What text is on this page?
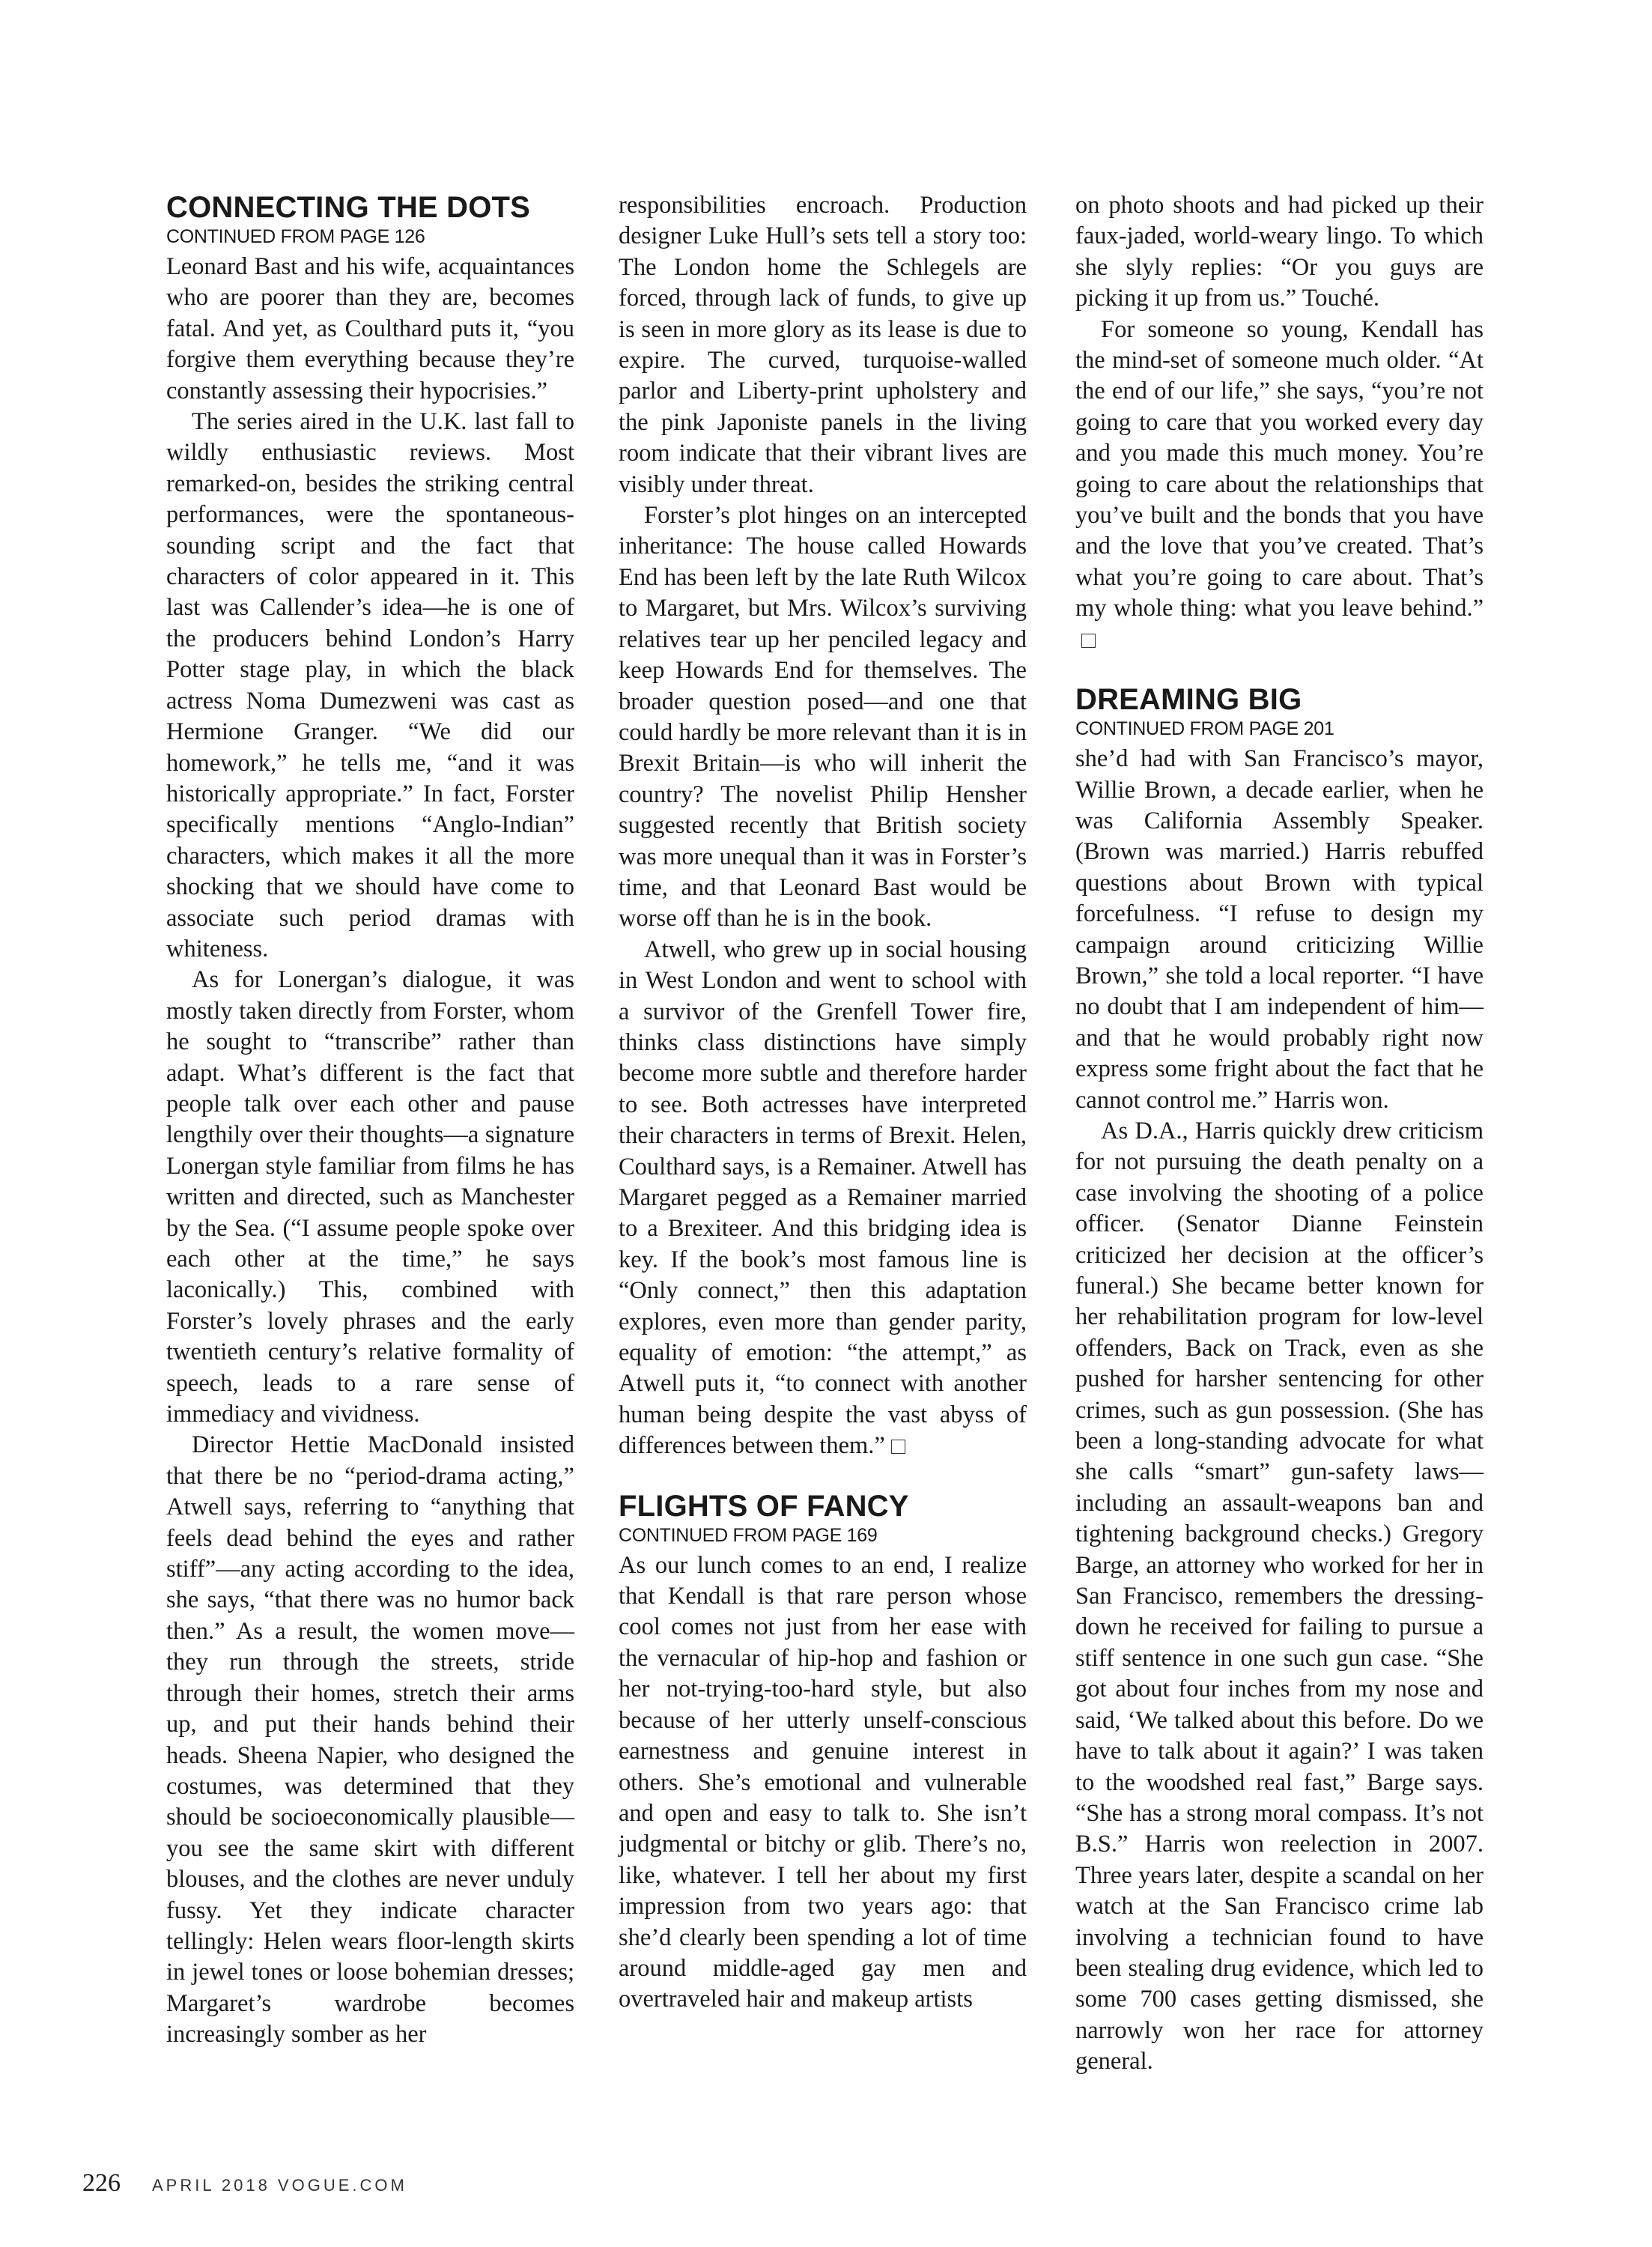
CONNECTING THE DOTS
CONTINUED FROM PAGE 126

Leonard Bast and his wife, acquaintances who are poorer than they are, becomes fatal. And yet, as Coulthard puts it, “you forgive them everything because they’re constantly assessing their hypocrisies.”

The series aired in the U.K. last fall to wildly enthusiastic reviews. Most remarked-on, besides the striking central performances, were the spontaneous-sounding script and the fact that characters of color appeared in it. This last was Callender’s idea—he is one of the producers behind London’s Harry Potter stage play, in which the black actress Noma Dumezweni was cast as Hermione Granger. “We did our homework,” he tells me, “and it was historically appropriate.” In fact, Forster specifically mentions “Anglo-Indian” characters, which makes it all the more shocking that we should have come to associate such period dramas with whiteness.

As for Lonergan’s dialogue, it was mostly taken directly from Forster, whom he sought to “transcribe” rather than adapt. What’s different is the fact that people talk over each other and pause lengthily over their thoughts—a signature Lonergan style familiar from films he has written and directed, such as Manchester by the Sea. (“I assume people spoke over each other at the time,” he says laconically.) This, combined with Forster’s lovely phrases and the early twentieth century’s relative formality of speech, leads to a rare sense of immediacy and vividness.

Director Hettie MacDonald insisted that there be no “period-drama acting,” Atwell says, referring to “anything that feels dead behind the eyes and rather stiff”—any acting according to the idea, she says, “that there was no humor back then.” As a result, the women move—they run through the streets, stride through their homes, stretch their arms up, and put their hands behind their heads. Sheena Napier, who designed the costumes, was determined that they should be socioeconomically plausible—you see the same skirt with different blouses, and the clothes are never unduly fussy. Yet they indicate character tellingly: Helen wears floor-length skirts in jewel tones or loose bohemian dresses; Margaret’s wardrobe becomes increasingly somber as her

responsibilities encroach. Production designer Luke Hull’s sets tell a story too: The London home the Schlegels are forced, through lack of funds, to give up is seen in more glory as its lease is due to expire. The curved, turquoise-walled parlor and Liberty-print upholstery and the pink Japoniste panels in the living room indicate that their vibrant lives are visibly under threat.

Forster’s plot hinges on an intercepted inheritance: The house called Howards End has been left by the late Ruth Wilcox to Margaret, but Mrs. Wilcox’s surviving relatives tear up her penciled legacy and keep Howards End for themselves. The broader question posed—and one that could hardly be more relevant than it is in Brexit Britain—is who will inherit the country? The novelist Philip Hensher suggested recently that British society was more unequal than it was in Forster’s time, and that Leonard Bast would be worse off than he is in the book.

Atwell, who grew up in social housing in West London and went to school with a survivor of the Grenfell Tower fire, thinks class distinctions have simply become more subtle and therefore harder to see. Both actresses have interpreted their characters in terms of Brexit. Helen, Coulthard says, is a Remainer. Atwell has Margaret pegged as a Remainer married to a Brexiteer. And this bridging idea is key. If the book’s most famous line is “Only connect,” then this adaptation explores, even more than gender parity, equality of emotion: “the attempt,” as Atwell puts it, “to connect with another human being despite the vast abyss of differences between them.”

FLIGHTS OF FANCY
CONTINUED FROM PAGE 169

As our lunch comes to an end, I realize that Kendall is that rare person whose cool comes not just from her ease with the vernacular of hip-hop and fashion or her not-trying-too-hard style, but also because of her utterly unself-conscious earnestness and genuine interest in others. She’s emotional and vulnerable and open and easy to talk to. She isn’t judgmental or bitchy or glib. There’s no, like, whatever. I tell her about my first impression from two years ago: that she’d clearly been spending a lot of time around middle-aged gay men and overtraveled hair and makeup artists

on photo shoots and had picked up their faux-jaded, world-weary lingo. To which she slyly replies: “Or you guys are picking it up from us.” Touché.

For someone so young, Kendall has the mind-set of someone much older. “At the end of our life,” she says, “you’re not going to care that you worked every day and you made this much money. You’re going to care about the relationships that you’ve built and the bonds that you have and the love that you’ve created. That’s what you’re going to care about. That’s my whole thing: what you leave behind.”

DREAMING BIG
CONTINUED FROM PAGE 201

she’d had with San Francisco’s mayor, Willie Brown, a decade earlier, when he was California Assembly Speaker. (Brown was married.) Harris rebuffed questions about Brown with typical forcefulness. “I refuse to design my campaign around criticizing Willie Brown,” she told a local reporter. “I have no doubt that I am independent of him—and that he would probably right now express some fright about the fact that he cannot control me.” Harris won.

As D.A., Harris quickly drew criticism for not pursuing the death penalty on a case involving the shooting of a police officer. (Senator Dianne Feinstein criticized her decision at the officer’s funeral.) She became better known for her rehabilitation program for low-level offenders, Back on Track, even as she pushed for harsher sentencing for other crimes, such as gun possession. (She has been a long-standing advocate for what she calls “smart” gun-safety laws—including an assault-weapons ban and tightening background checks.) Gregory Barge, an attorney who worked for her in San Francisco, remembers the dressing-down he received for failing to pursue a stiff sentence in one such gun case. “She got about four inches from my nose and said, ‘We talked about this before. Do we have to talk about it again?’ I was taken to the woodshed real fast,” Barge says. “She has a strong moral compass. It’s not B.S.” Harris won reelection in 2007. Three years later, despite a scandal on her watch at the San Francisco crime lab involving a technician found to have been stealing drug evidence, which led to some 700 cases getting dismissed, she narrowly won her race for attorney general.

226 APRIL 2018 VOGUE.COM
